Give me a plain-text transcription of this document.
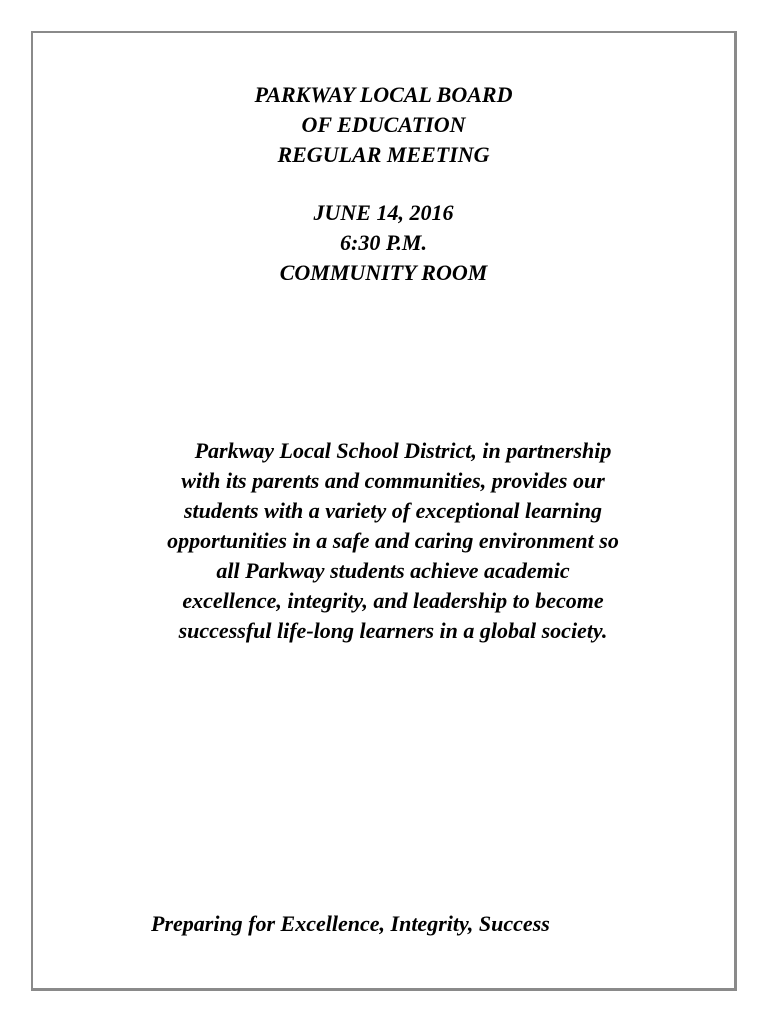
PARKWAY LOCAL BOARD
OF EDUCATION
REGULAR MEETING
JUNE 14, 2016
6:30 P.M.
COMMUNITY ROOM
Parkway Local School District, in partnership
with its parents and communities, provides our
students with a variety of exceptional learning
opportunities in a safe and caring environment so
all Parkway students achieve academic
excellence, integrity, and leadership to become
successful life-long learners in a global society.
Preparing for Excellence, Integrity, Success
